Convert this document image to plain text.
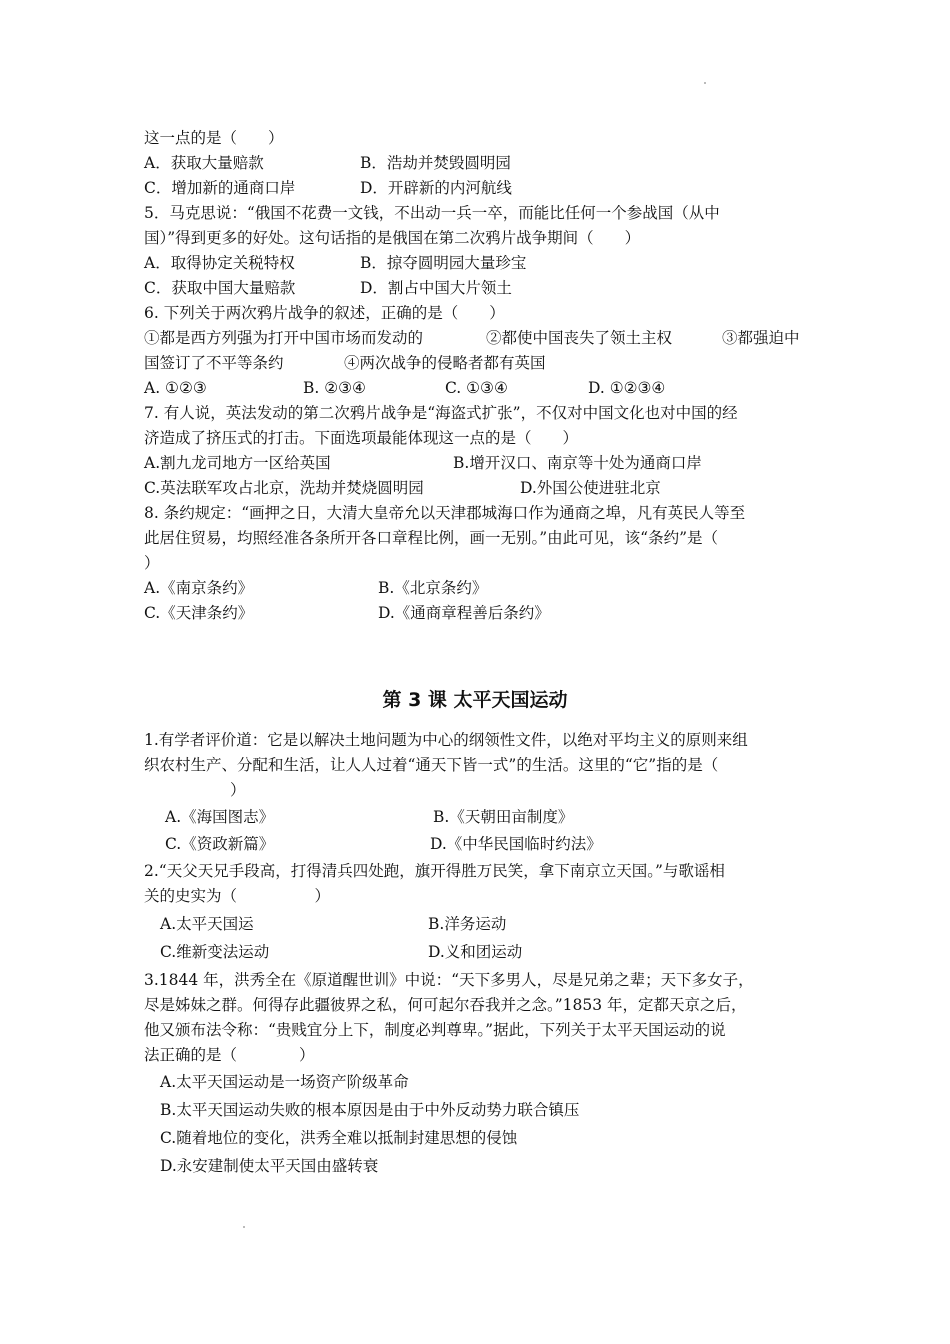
这一点的是（　　）
A．获取大量赔款	B．浩劫并焚毁圆明园
C．增加新的通商口岸	D．开辟新的内河航线
5．马克思说：“俄国不花费一文钱，不出动一兵一卒，而能比任何一个参战国（从中
国）”得到更多的好处。这句话指的是俄国在第二次鸦片战争期间（　　）
A．取得协定关税特权	B．掠夺圆明园大量珍宝
C．获取中国大量赔款	D．割占中国大片领土
6. 下列关于两次鸦片战争的叙述，正确的是（　　）
①都是西方列强为打开中国市场而发动的	②都使中国丧失了领土主权	③都强迫中
国签订了不平等条约	④两次战争的侵略者都有英国
A. ①②③	B. ②③④	C. ①③④	D. ①②③④
7. 有人说，英法发动的第二次鸦片战争是“海盗式扩张”，不仅对中国文化也对中国的经
济造成了挤压式的打击。下面选项最能体现这一点的是（　　）
A.割九龙司地方一区给英国	B.增开汉口、南京等十处为通商口岸
C.英法联军攻占北京，洗劫并焚烧圆明园	D.外国公使进驻北京
8. 条约规定：“画押之日，大清大皇帝允以天津郡城海口作为通商之埠，凡有英民人等至
此居住贸易，均照经准各条所开各口章程比例，画一无别。”由此可见，该“条约”是（
）
A.《南京条约》	B.《北京条约》
C.《天津条约》	D.《通商章程善后条约》
第 3 课 太平天国运动
1.有学者评价道：它是以解决土地问题为中心的纲领性文件，以绝对平均主义的原则来组
织农村生产、分配和生活，让人人过着“通天下皆一式”的生活。这里的“它”指的是（
）
A.《海国图志》	B.《天朝田亩制度》
C.《资政新篇》	D.《中华民国临时约法》
2.“天父天兄手段高，打得清兵四处跑，旗开得胜万民笑，拿下南京立天国。”与歌谣相
关的史实为（　　　　　）
A.太平天国运	B.洋务运动
C.维新变法运动	D.义和团运动
3.1844 年，洪秀全在《原道醒世训》中说：“天下多男人，尽是兄弟之辈；天下多女子，
尽是姊妹之群。何得存此疆彼界之私，何可起尔吞我并之念。”1853 年，定都天京之后，
他又颁布法令称：“贵贱宜分上下，制度必判尊卑。”据此，下列关于太平天国运动的说
法正确的是（　　　　）
A.太平天国运动是一场资产阶级革命
B.太平天国运动失败的根本原因是由于中外反动势力联合镇压
C.随着地位的变化，洪秀全难以抵制封建思想的侵蚀
D.永安建制使太平天国由盛转衰
